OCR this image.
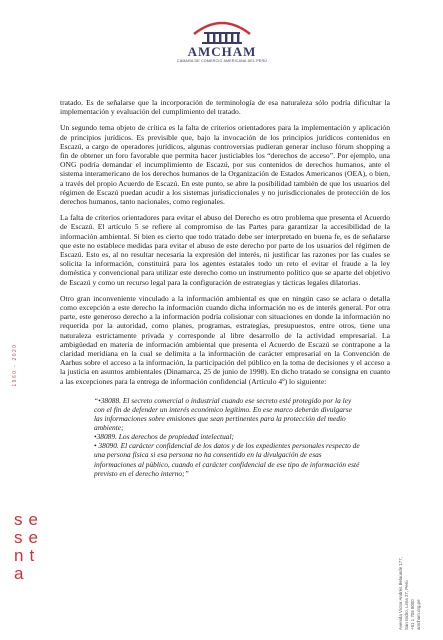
AMCHAM
CÁMARA DE COMERCIO AMERICANA DEL PERÚ

tratado. Es de señalarse que la incorporación de terminología de esa naturaleza sólo podría dificultar la implementación y evaluación del cumplimiento del tratado.

Un segundo tema objeto de crítica es la falta de criterios orientadores para la implementación y aplicación de principios jurídicos. Es previsible que, bajo la invocación de los principios jurídicos contenidos en Escazú, a cargo de operadores jurídicos, algunas controversias pudieran generar incluso fórum shopping a fin de obtener un foro favorable que permita hacer justiciables los “derechos de acceso”. Por ejemplo, una ONG podría demandar el incumplimiento de Escazú, por sus contenidos de derechos humanos, ante el sistema interamericano de los derechos humanos de la Organización de Estados Americanos (OEA), o bien, a través del propio Acuerdo de Escazú. En este punto, se abre la posibilidad también de que los usuarios del régimen de Escazú puedan acudir a los sistemas jurisdiccionales y no jurisdiccionales de protección de los derechos humanos, tanto nacionales, como regionales.

La falta de criterios orientadores para evitar el abuso del Derecho es otro problema que presenta el Acuerdo de Escazú. El artículo 5 se refiere al compromiso de las Partes para garantizar la accesibilidad de la información ambiental. Si bien es cierto que todo tratado debe ser interpretado en buena fe, es de señalarse que este no establece medidas para evitar el abuso de este derecho por parte de los usuarios del régimen de Escazú. Esto es, al no resultar necesaria la expresión del interés, ni justificar las razones por las cuales se solicita la información, constituirá para los agentes estatales todo un reto el evitar el fraude a la ley doméstica y convencional para utilizar este derecho como un instrumento político que se aparte del objetivo de Escazú y como un recurso legal para la configuración de estrategias y tácticas legales dilatorias.

Otro gran inconveniente vinculado a la información ambiental es que en ningún caso se aclara o detalla como excepción a este derecho la información cuando dicha información no es de interés general. Por otra parte, este generoso derecho a la información podría colisionar con situaciones en donde la información no requerida por la autoridad, como planes, programas, estrategias, presupuestos, entre otros, tiene una naturaleza estrictamente privada y corresponde al libre desarrollo de la actividad empresarial. La ambigüedad en materia de información ambiental que presenta el Acuerdo de Escazú se contrapone a la claridad meridiana en la cual se delimita a la información de carácter empresarial en la Convención de Aarhus sobre el acceso a la información, la participación del público en la toma de decisiones y el acceso a la justicia en asuntos ambientales (Dinamarca, 25 de junio de 1998). En dicho tratado se consigna en cuanto a las excepciones para la entrega de información confidencial (Artículo 4º) lo siguiente:

“•38088. El secreto comercial o industrial cuando ese secreto esté protegido por la ley con el fin de defender un interés económico legítimo. En ese marco deberán divulgarse las informaciones sobre emisiones que sean pertinentes para la protección del medio ambiente;

•38089. Los derechos de propiedad intelectual;

• 38090. El carácter confidencial de los datos y de los expedientes personales respecto de una persona física si esa persona no ha consentido en la divulgación de esas informaciones al público, cuando el carácter confidencial de ese tipo de información esté previsto en el derecho interno;”

1960 - 2020
se
se
nt
a	Avenida Víctor Andrés Belaúnde 177, San Isidro, Lima 27, Perú +51 1 705 8000 amcham.org.pe
